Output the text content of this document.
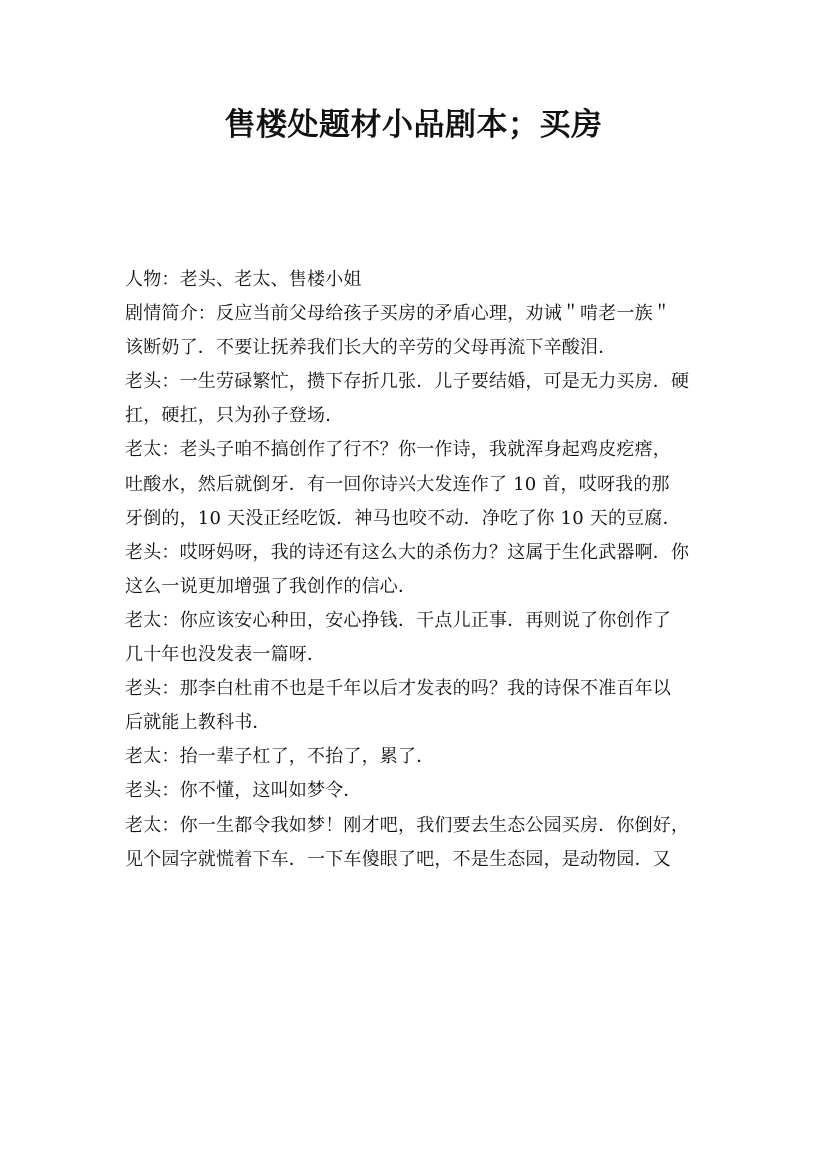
售楼处题材小品剧本；买房
人物：老头、老太、售楼小姐
剧情简介：反应当前父母给孩子买房的矛盾心理，劝诫＂啃老一族＂
该断奶了．不要让抚养我们长大的辛劳的父母再流下辛酸泪．
老头：一生劳碌繁忙，攒下存折几张．儿子要结婚，可是无力买房．硬
扛，硬扛，只为孙子登场．
老太：老头子咱不搞创作了行不？你一作诗，我就浑身起鸡皮疙瘩，
吐酸水，然后就倒牙．有一回你诗兴大发连作了 10 首，哎呀我的那
牙倒的，10 天没正经吃饭．神马也咬不动．净吃了你 10 天的豆腐．
老头：哎呀妈呀，我的诗还有这么大的杀伤力？这属于生化武器啊．你
这么一说更加增强了我创作的信心．
老太：你应该安心种田，安心挣钱．干点儿正事．再则说了你创作了
几十年也没发表一篇呀．
老头：那李白杜甫不也是千年以后才发表的吗？我的诗保不准百年以
后就能上教科书．
老太：抬一辈子杠了，不抬了，累了．
老头：你不懂，这叫如梦令．
老太：你一生都令我如梦！刚才吧，我们要去生态公园买房．你倒好，
见个园字就慌着下车．一下车傻眼了吧，不是生态园，是动物园．又
